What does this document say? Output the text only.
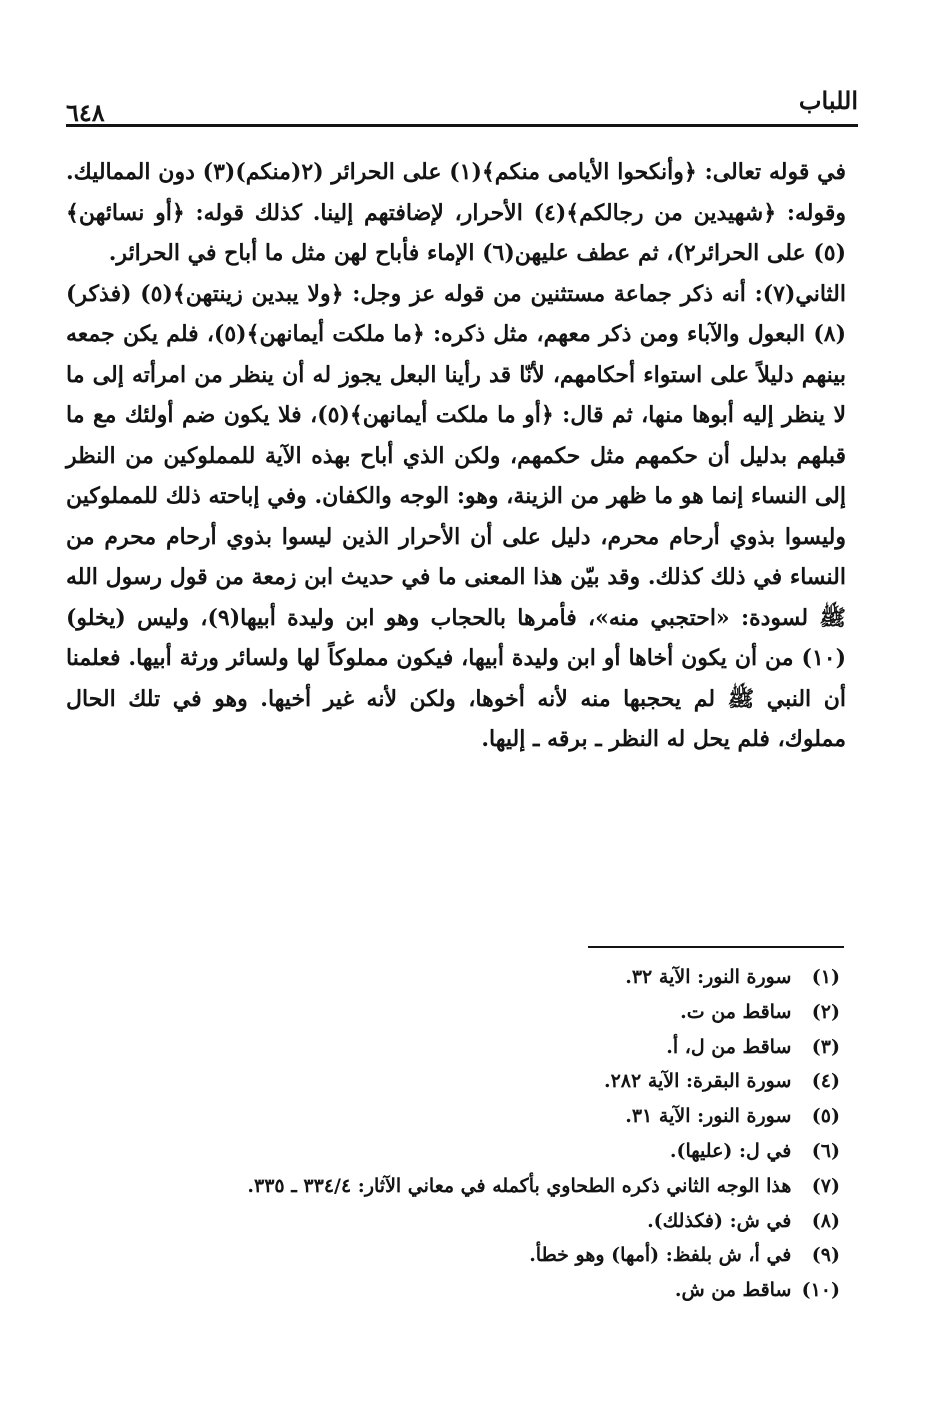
اللباب
٦٤٨

في قوله تعالى: ﴿وأنكحوا الأيامى منكم﴾(١) على الحرائر (٢(منكم)(٣) دون المماليك. وقوله: ﴿شهيدين من رجالكم﴾(٤) الأحرار، لإضافتهم إلينا. كذلك قوله: ﴿أو نسائهن﴾(٥) على الحرائر٢)، ثم عطف عليهن(٦) الإماء فأباح لهن مثل ما أباح في الحرائر.

الثاني(٧): أنه ذكر جماعة مستثنين من قوله عز وجل: ﴿ولا يبدين زينتهن﴾(٥) (فذكر)(٨) البعول والآباء ومن ذكر معهم، مثل ذكره: ﴿ما ملكت أيمانهن﴾(٥)، فلم يكن جمعه بينهم دليلاً على استواء أحكامهم، لأنّا قد رأينا البعل يجوز له أن ينظر من امرأته إلى ما لا ينظر إليه أبوها منها، ثم قال: ﴿أو ما ملكت أيمانهن﴾(٥)، فلا يكون ضم أولئك مع ما قبلهم بدليل أن حكمهم مثل حكمهم، ولكن الذي أباح بهذه الآية للمملوكين من النظر إلى النساء إنما هو ما ظهر من الزينة، وهو: الوجه والكفان. وفي إباحته ذلك للمملوكين وليسوا بذوي أرحام محرم، دليل على أن الأحرار الذين ليسوا بذوي أرحام محرم من النساء في ذلك كذلك. وقد بيّن هذا المعنى ما في حديث ابن زمعة من قول رسول الله ﷺ لسودة: «احتجبي منه»، فأمرها بالحجاب وهو ابن وليدة أبيها(٩)، وليس (يخلو)(١٠) من أن يكون أخاها أو ابن وليدة أبيها، فيكون مملوكاً لها ولسائر ورثة أبيها. فعلمنا أن النبي ﷺ لم يحجبها منه لأنه أخوها، ولكن لأنه غير أخيها. وهو في تلك الحال مملوك، فلم يحل له النظر ـ برقه ـ إليها.

(١) سورة النور: الآية ٣٢.
(٢) ساقط من ت.
(٣) ساقط من ل، أ.
(٤) سورة البقرة: الآية ٢٨٢.
(٥) سورة النور: الآية ٣١.
(٦) في ل: (عليها).
(٧) هذا الوجه الثاني ذكره الطحاوي بأكمله في معاني الآثار: ٣٣٤/٤ ـ ٣٣٥.
(٨) في ش: (فكذلك).
(٩) في أ، ش بلفظ: (أمها) وهو خطأ.
(١٠) ساقط من ش.
